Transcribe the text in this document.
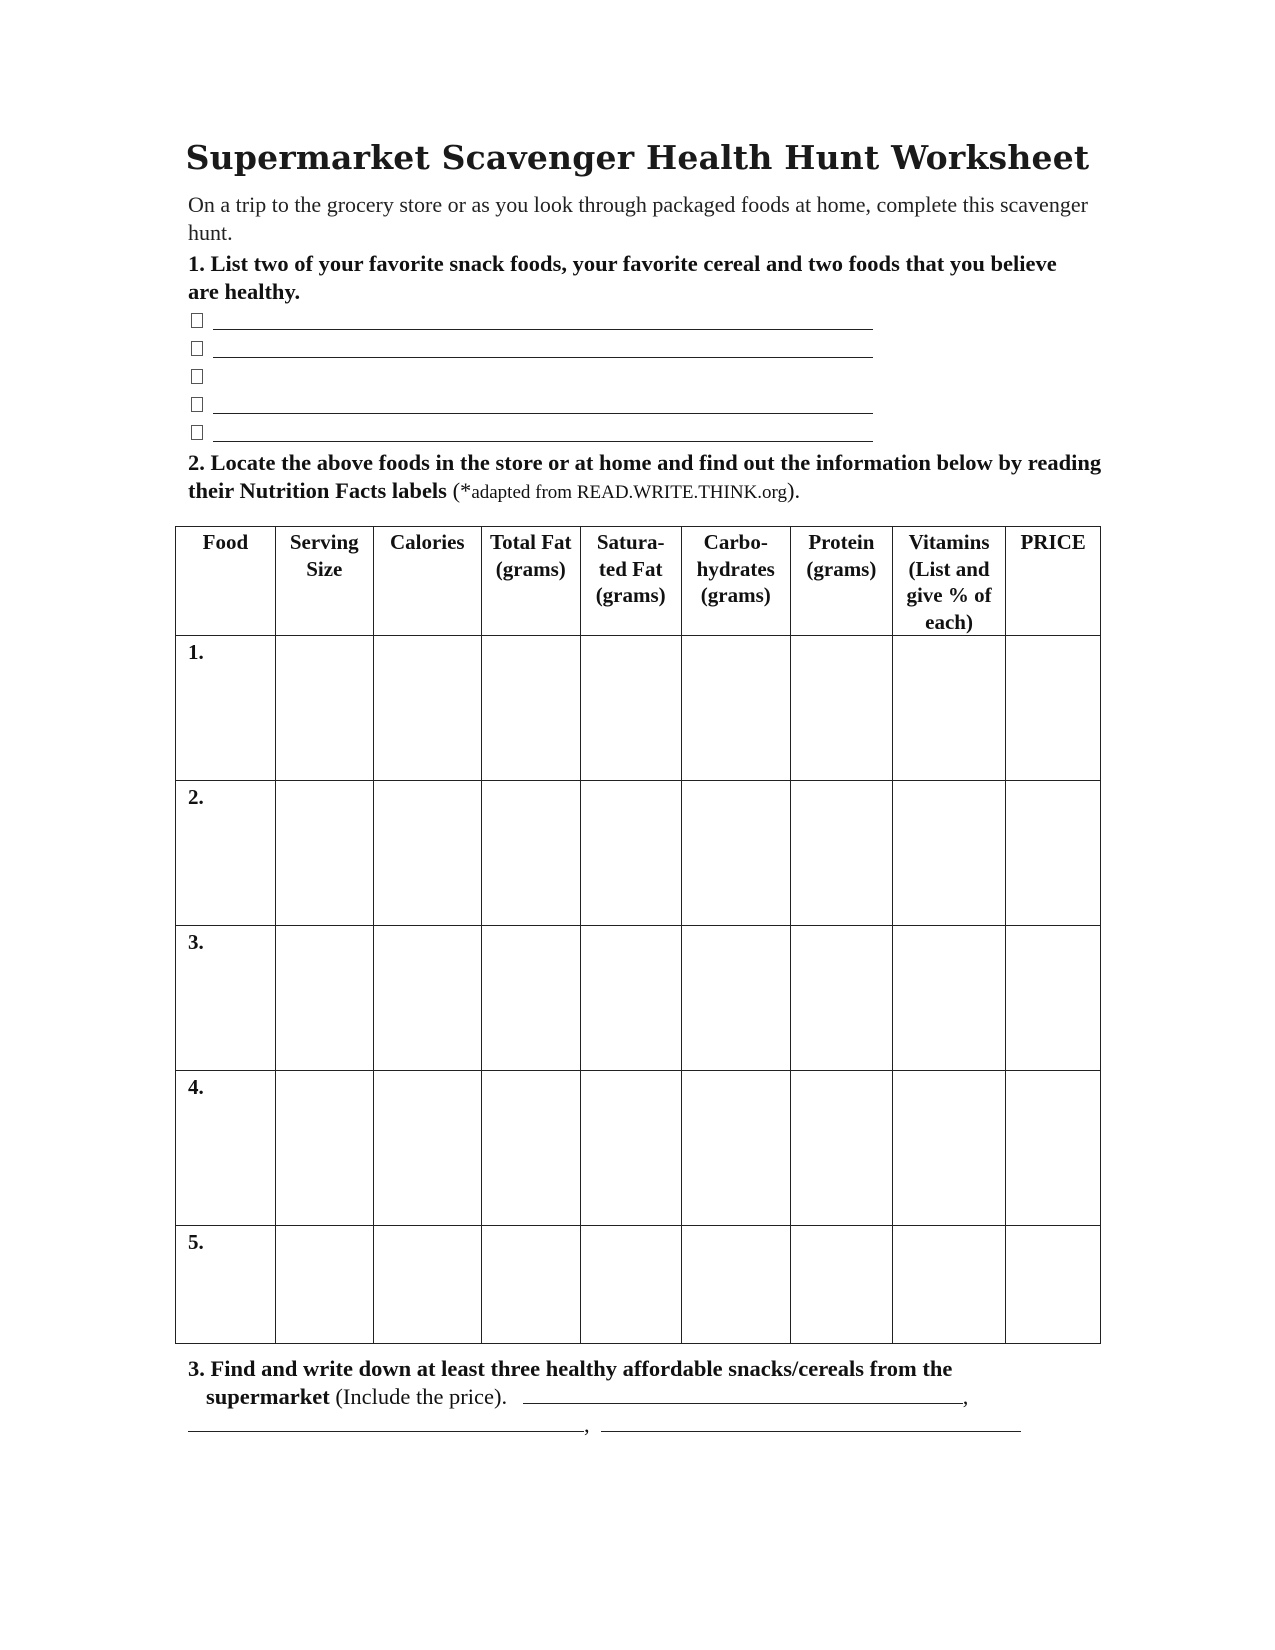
Supermarket Scavenger Health Hunt Worksheet
On a trip to the grocery store or as you look through packaged foods at home, complete this scavenger hunt.
1. List two of your favorite snack foods, your favorite cereal and two foods that you believe are healthy.
2. Locate the above foods in the store or at home and find out the information below by reading their Nutrition Facts labels (*adapted from READ.WRITE.THINK.org).
Food	Serving Size	Calories	Total Fat (grams)	Satura- ted Fat (grams)	Carbo- hydrates (grams)	Protein (grams)	Vitamins (List and give % of each)	PRICE
1.								
2.								
3.								
4.								
5.								
3. Find and write down at least three healthy affordable snacks/cereals from the
supermarket (Include the price).	,
,
